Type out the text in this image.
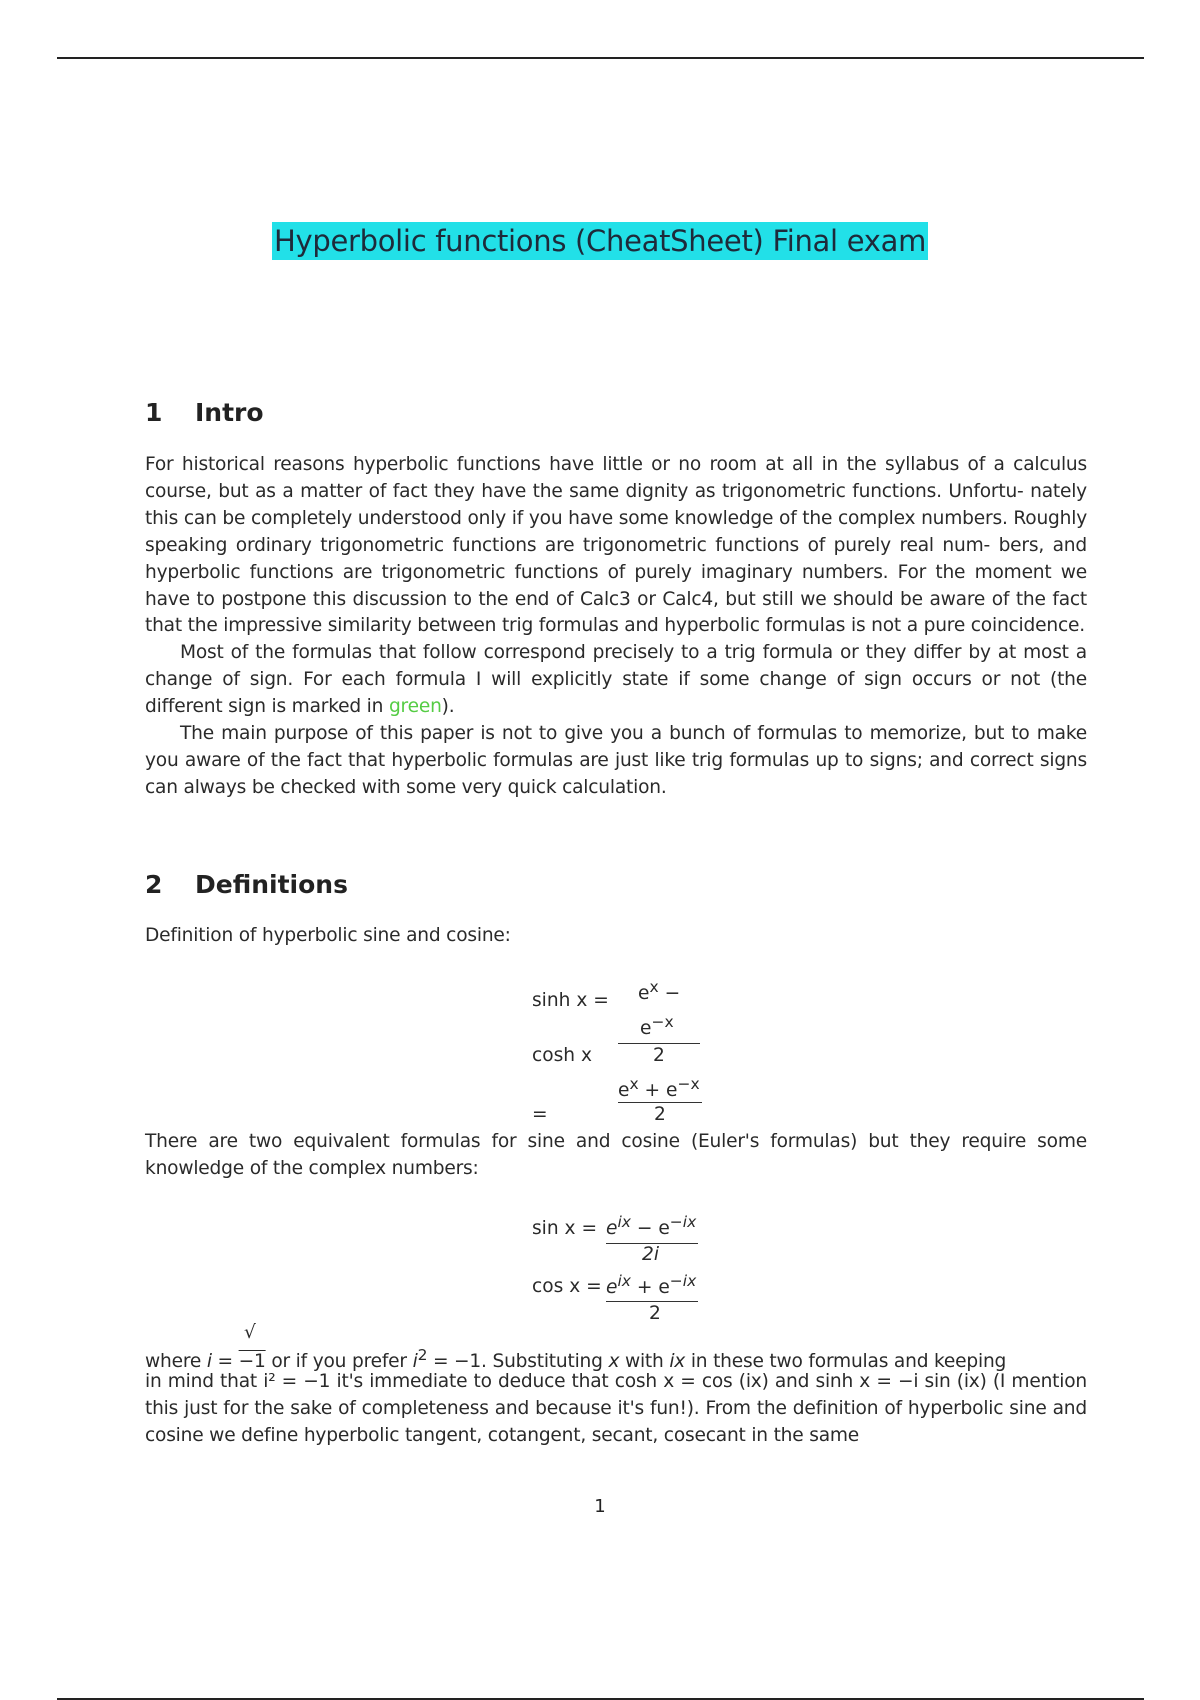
Hyperbolic functions (CheatSheet) Final exam
1 Intro

For historical reasons hyperbolic functions have little or no room at all in the syllabus of a calculus course, but as a matter of fact they have the same dignity as trigonometric functions. Unfortu- nately this can be completely understood only if you have some knowledge of the complex numbers. Roughly speaking ordinary trigonometric functions are trigonometric functions of purely real num- bers, and hyperbolic functions are trigonometric functions of purely imaginary numbers. For the moment we have to postpone this discussion to the end of Calc3 or Calc4, but still we should be aware of the fact that the impressive similarity between trig formulas and hyperbolic formulas is not a pure coincidence.

Most of the formulas that follow correspond precisely to a trig formula or they differ by at most a change of sign. For each formula I will explicitly state if some change of sign occurs or not (the different sign is marked in green).

The main purpose of this paper is not to give you a bunch of formulas to memorize, but to make you aware of the fact that hyperbolic formulas are just like trig formulas up to signs; and correct signs can always be checked with some very quick calculation.

2 Definitions
Definition of hyperbolic sine and cosine:
$\sinh x = e^x$ −
$e^{-x}$
2
cosh x
$e^x + e^{-x}$
=	2
There are two equivalent formulas for sine and cosine (Euler's formulas) but they require some knowledge of the complex numbers:
$\sin x = e^{ix} - e^{-ix}$
2i
$\cos x = e^{ix} + e^{-ix}$
2
√
where i = −1 or if you prefer $i^2 = -1$. Substituting x with ix in these two formulas and keeping
in mind that i² = −1 it's immediate to deduce that cosh x = cos (ix) and sinh x = −i sin (ix) (I mention this just for the sake of completeness and because it's fun!). From the definition of hyperbolic sine and cosine we define hyperbolic tangent, cotangent, secant, cosecant in the same
1
